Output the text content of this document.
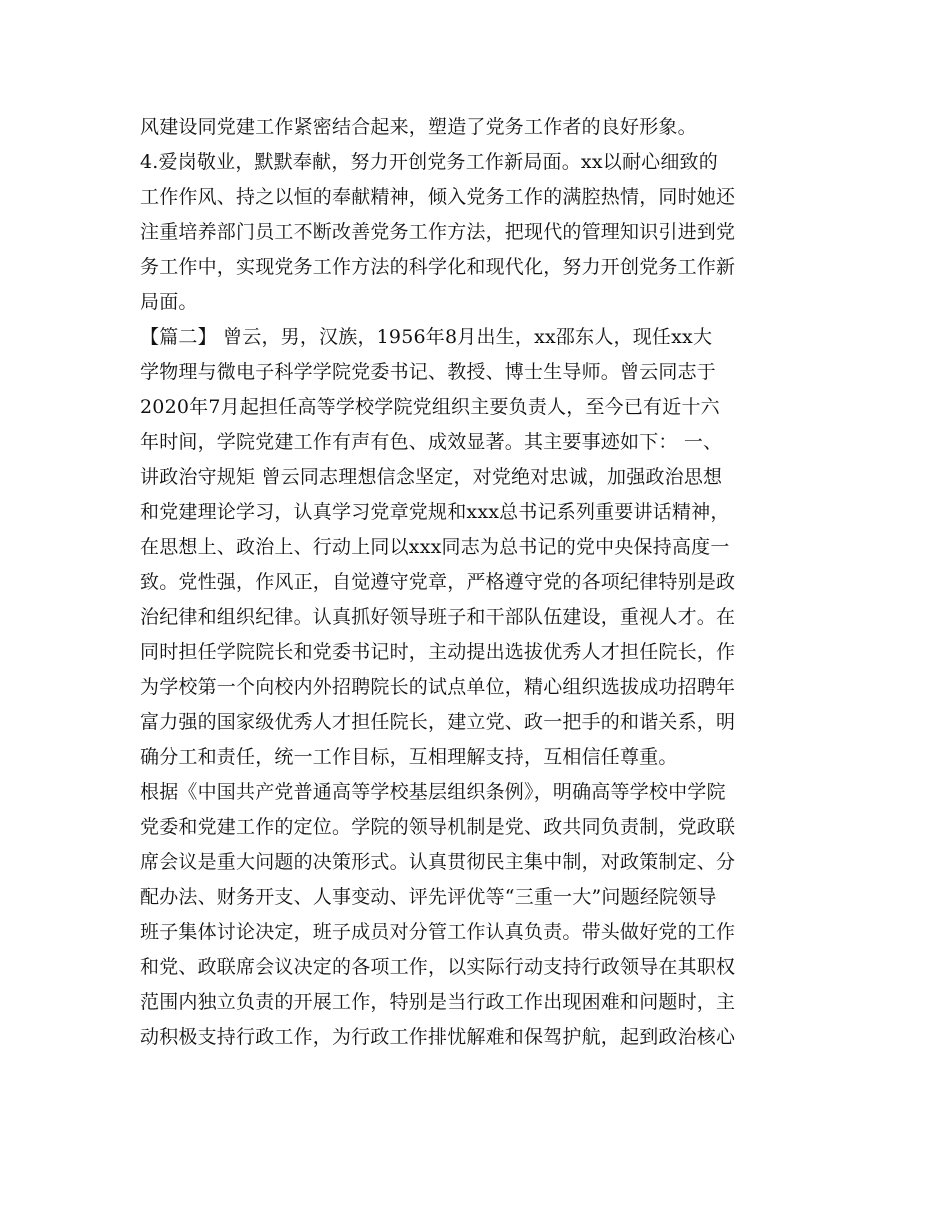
风建设同党建工作紧密结合起来，塑造了党务工作者的良好形象。
4.爱岗敬业，默默奉献，努力开创党务工作新局面。xx以耐心细致的
工作作风、持之以恒的奉献精神，倾入党务工作的满腔热情，同时她还
注重培养部门员工不断改善党务工作方法，把现代的管理知识引进到党
务工作中，实现党务工作方法的科学化和现代化，努力开创党务工作新
局面。
【篇二】 曾云，男，汉族，1956年8月出生，xx邵东人，现任xx大
学物理与微电子科学学院党委书记、教授、博士生导师。曾云同志于
2020年7月起担任高等学校学院党组织主要负责人，至今已有近十六
年时间，学院党建工作有声有色、成效显著。其主要事迹如下： 一、
讲政治守规矩 曾云同志理想信念坚定，对党绝对忠诚，加强政治思想
和党建理论学习，认真学习党章党规和xxx总书记系列重要讲话精神，
在思想上、政治上、行动上同以xxx同志为总书记的党中央保持高度一
致。党性强，作风正，自觉遵守党章，严格遵守党的各项纪律特别是政
治纪律和组织纪律。认真抓好领导班子和干部队伍建设，重视人才。在
同时担任学院院长和党委书记时，主动提出选拔优秀人才担任院长，作
为学校第一个向校内外招聘院长的试点单位，精心组织选拔成功招聘年
富力强的国家级优秀人才担任院长，建立党、政一把手的和谐关系，明
确分工和责任，统一工作目标，互相理解支持，互相信任尊重。
根据《中国共产党普通高等学校基层组织条例》，明确高等学校中学院
党委和党建工作的定位。学院的领导机制是党、政共同负责制，党政联
席会议是重大问题的决策形式。认真贯彻民主集中制，对政策制定、分
配办法、财务开支、人事变动、评先评优等“三重一大”问题经院领导
班子集体讨论决定，班子成员对分管工作认真负责。带头做好党的工作
和党、政联席会议决定的各项工作，以实际行动支持行政领导在其职权
范围内独立负责的开展工作，特别是当行政工作出现困难和问题时，主
动积极支持行政工作，为行政工作排忧解难和保驾护航，起到政治核心
